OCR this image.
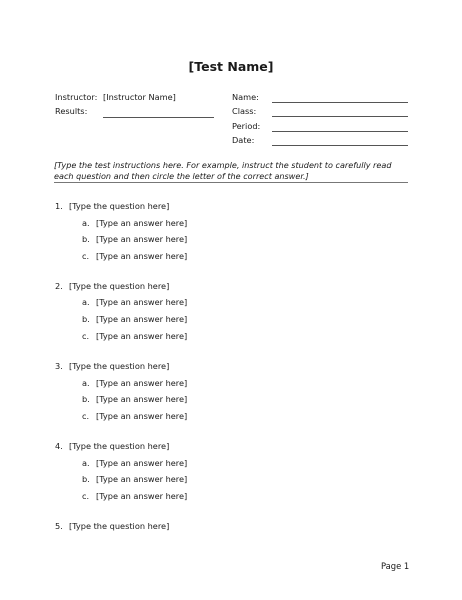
[Test Name]
Instructor: [Instructor Name]
Results:
Name:
Class:
Period:
Date:
[Type the test instructions here. For example, instruct the student to carefully read each question and then circle the letter of the correct answer.]
1. [Type the question here]
a. [Type an answer here]
b. [Type an answer here]
c. [Type an answer here]
2. [Type the question here]
a. [Type an answer here]
b. [Type an answer here]
c. [Type an answer here]
3. [Type the question here]
a. [Type an answer here]
b. [Type an answer here]
c. [Type an answer here]
4. [Type the question here]
a. [Type an answer here]
b. [Type an answer here]
c. [Type an answer here]
5. [Type the question here]
Page 1
